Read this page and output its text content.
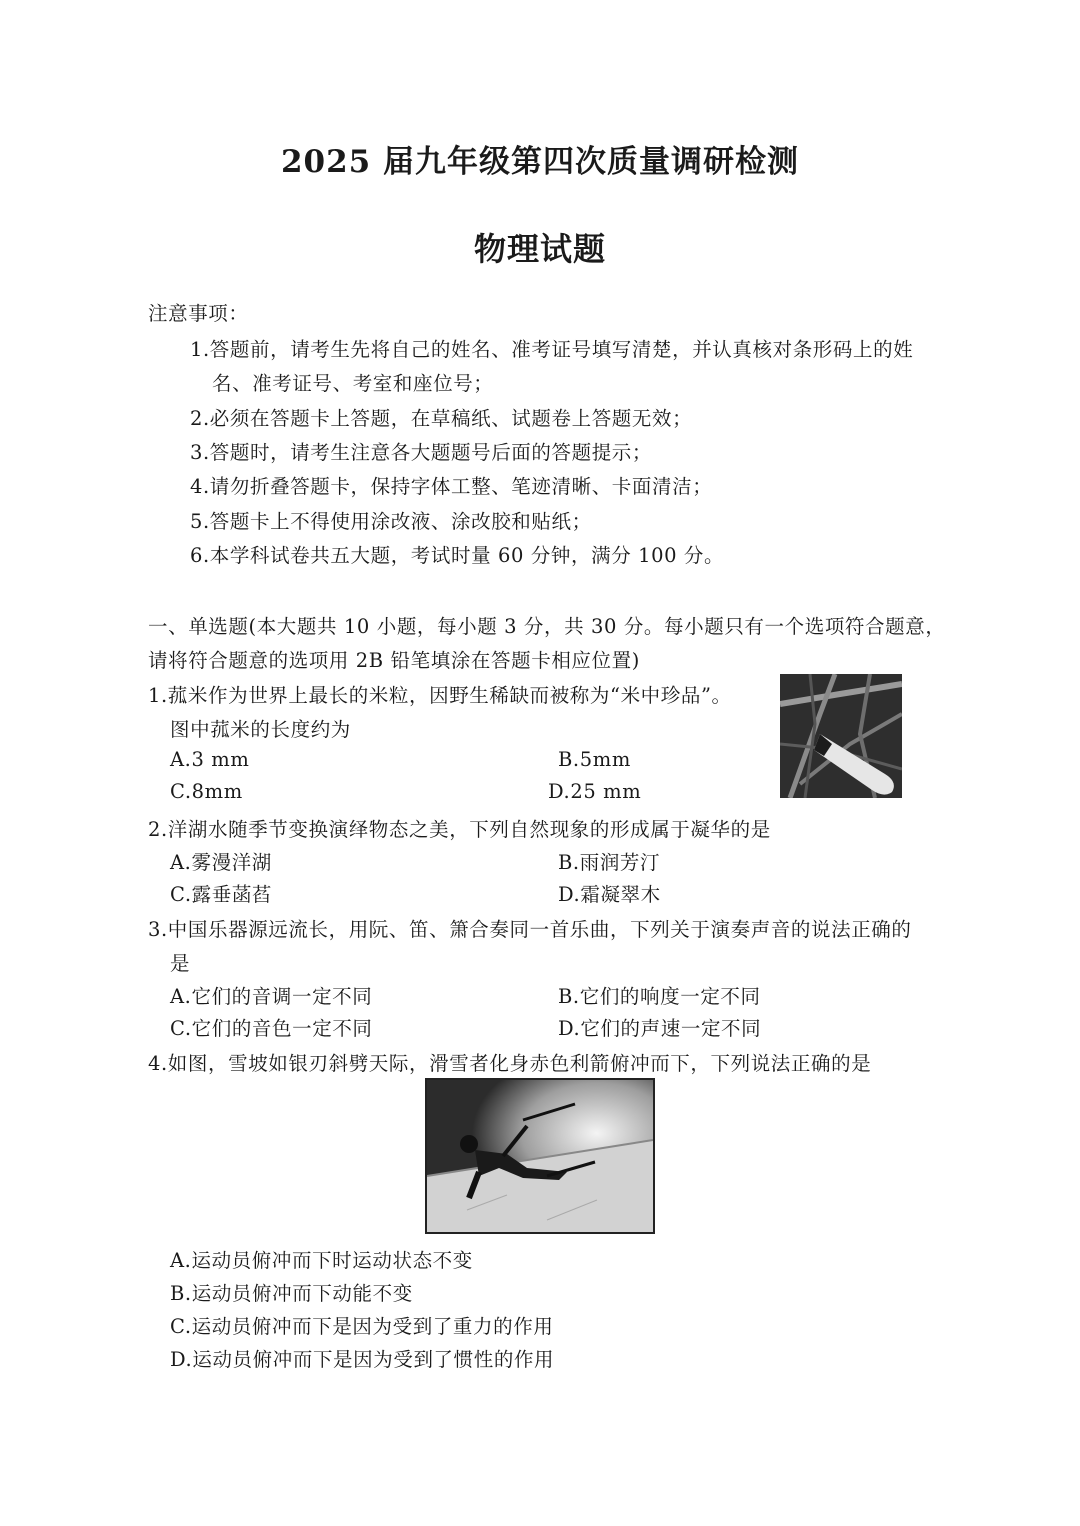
2025 届九年级第四次质量调研检测
物理试题
注意事项：
1.答题前，请考生先将自己的姓名、准考证号填写清楚，并认真核对条形码上的姓
名、准考证号、考室和座位号；
2.必须在答题卡上答题，在草稿纸、试题卷上答题无效；
3.答题时，请考生注意各大题题号后面的答题提示；
4.请勿折叠答题卡，保持字体工整、笔迹清晰、卡面清洁；
5.答题卡上不得使用涂改液、涂改胶和贴纸；
6.本学科试卷共五大题，考试时量 60 分钟，满分 100 分。
一、单选题(本大题共 10 小题，每小题 3 分，共 30 分。每小题只有一个选项符合题意，
请将符合题意的选项用 2B 铅笔填涂在答题卡相应位置)
1.菰米作为世界上最长的米粒，因野生稀缺而被称为“米中珍品”。
图中菰米的长度约为
A.3 mm	B.5mm
C.8mm	D.25 mm
2.洋湖水随季节变换演绎物态之美，下列自然现象的形成属于凝华的是
A.雾漫洋湖	B.雨润芳汀
C.露垂菡萏	D.霜凝翠木
3.中国乐器源远流长，用阮、笛、箫合奏同一首乐曲，下列关于演奏声音的说法正确的
是
A.它们的音调一定不同	B.它们的响度一定不同
C.它们的音色一定不同	D.它们的声速一定不同
4.如图，雪坡如银刃斜劈天际，滑雪者化身赤色利箭俯冲而下，下列说法正确的是
A.运动员俯冲而下时运动状态不变
B.运动员俯冲而下动能不变
C.运动员俯冲而下是因为受到了重力的作用
D.运动员俯冲而下是因为受到了惯性的作用
